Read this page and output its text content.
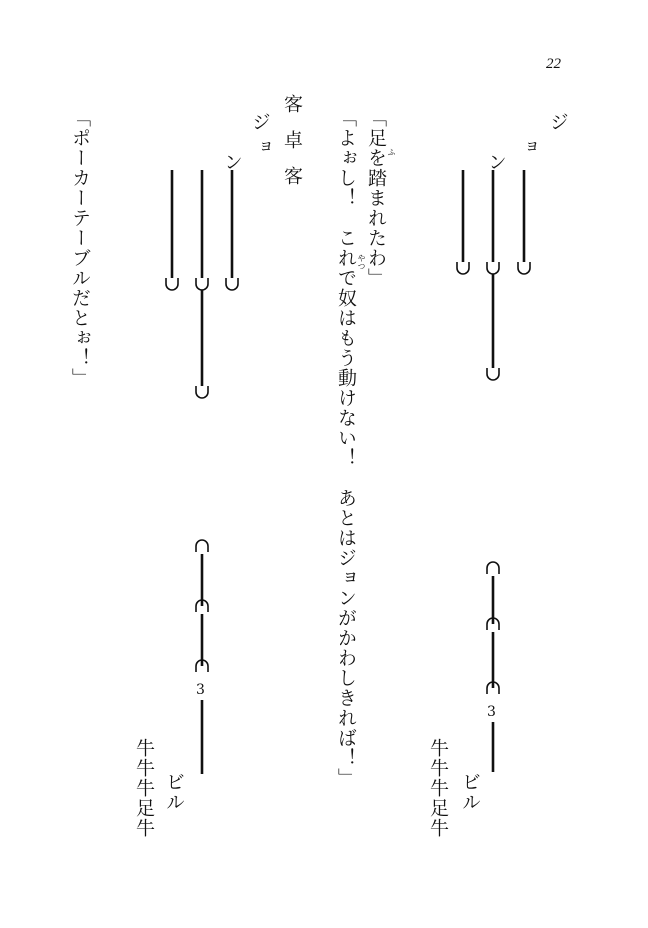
22
ジ
ョ
ン
ビル
牛牛牛足牛
客
卓
客
ジ
ョ
ン
ビル
牛牛牛足牛
「足を踏まれたわ」 ふ
「よぉし！　これで奴はもう動けない！　あとはジョンがかわしきれば！」 やつ
「ポーカーテーブルだとぉ！」
3
3
